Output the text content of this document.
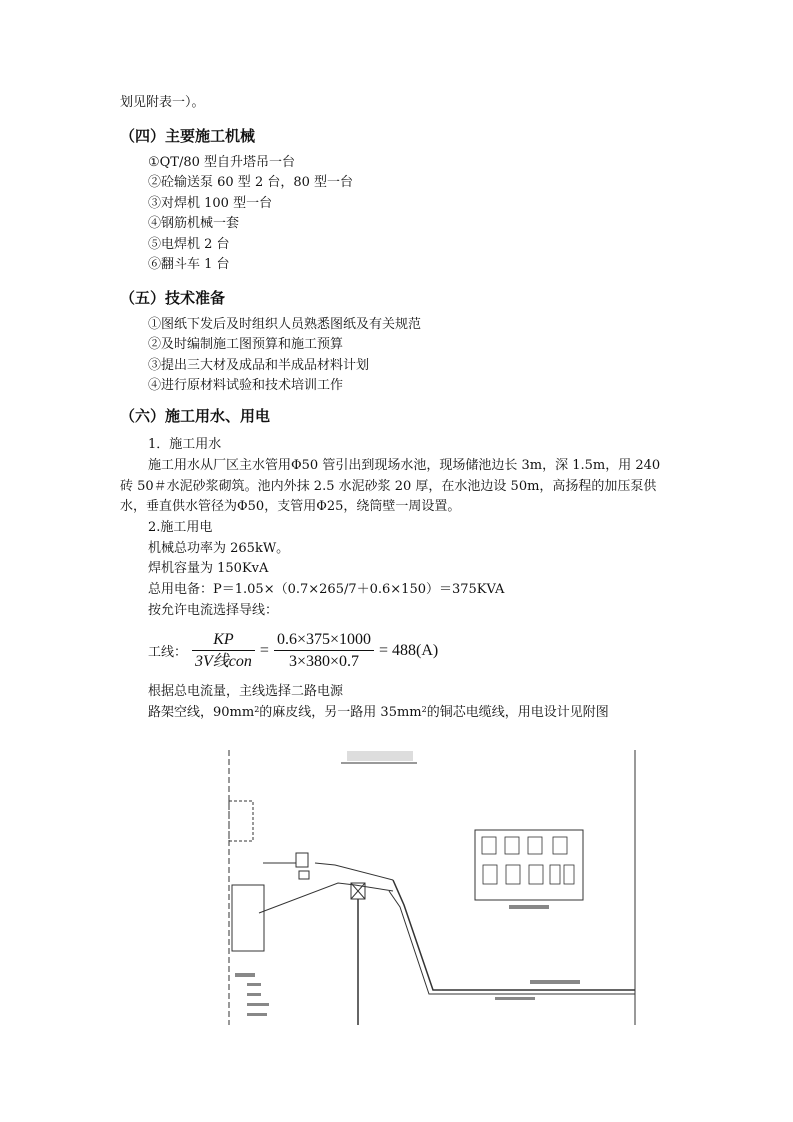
划见附表一）。
（四）主要施工机械
①QT/80 型自升塔吊一台
②砼输送泵 60 型 2 台，80 型一台
③对焊机 100 型一台
④钢筋机械一套
⑤电焊机 2 台
⑥翻斗车 1 台
（五）技术准备
①图纸下发后及时组织人员熟悉图纸及有关规范
②及时编制施工图预算和施工预算
③提出三大材及成品和半成品材料计划
④进行原材料试验和技术培训工作
（六）施工用水、用电
1．施工用水
施工用水从厂区主水管用Φ50 管引出到现场水池，现场储池边长 3m，深 1.5m，用 240
砖 50＃水泥砂浆砌筑。池内外抹 2.5 水泥砂浆 20 厚，在水池边设 50m，高扬程的加压泵供
水，垂直供水管径为Φ50，支管用Φ25，绕筒壁一周设置。
2.施工用电
机械总功率为 265kW。
焊机容量为 150KvA
总用电备：P＝1.05×（0.7×265/7＋0.6×150）＝375KVA
按允许电流选择导线：
工线： $\frac{KP}{\text{3V线con}} = \frac{0.6\times 375\times 1000}{3\times 380\times 0.7} = 488(A)$
根据总电流量，主线选择二路电源
路架空线，$90mm^2$的麻皮线，另一路用 $35mm^2$的铜芯电缆线，用电设计见附图
